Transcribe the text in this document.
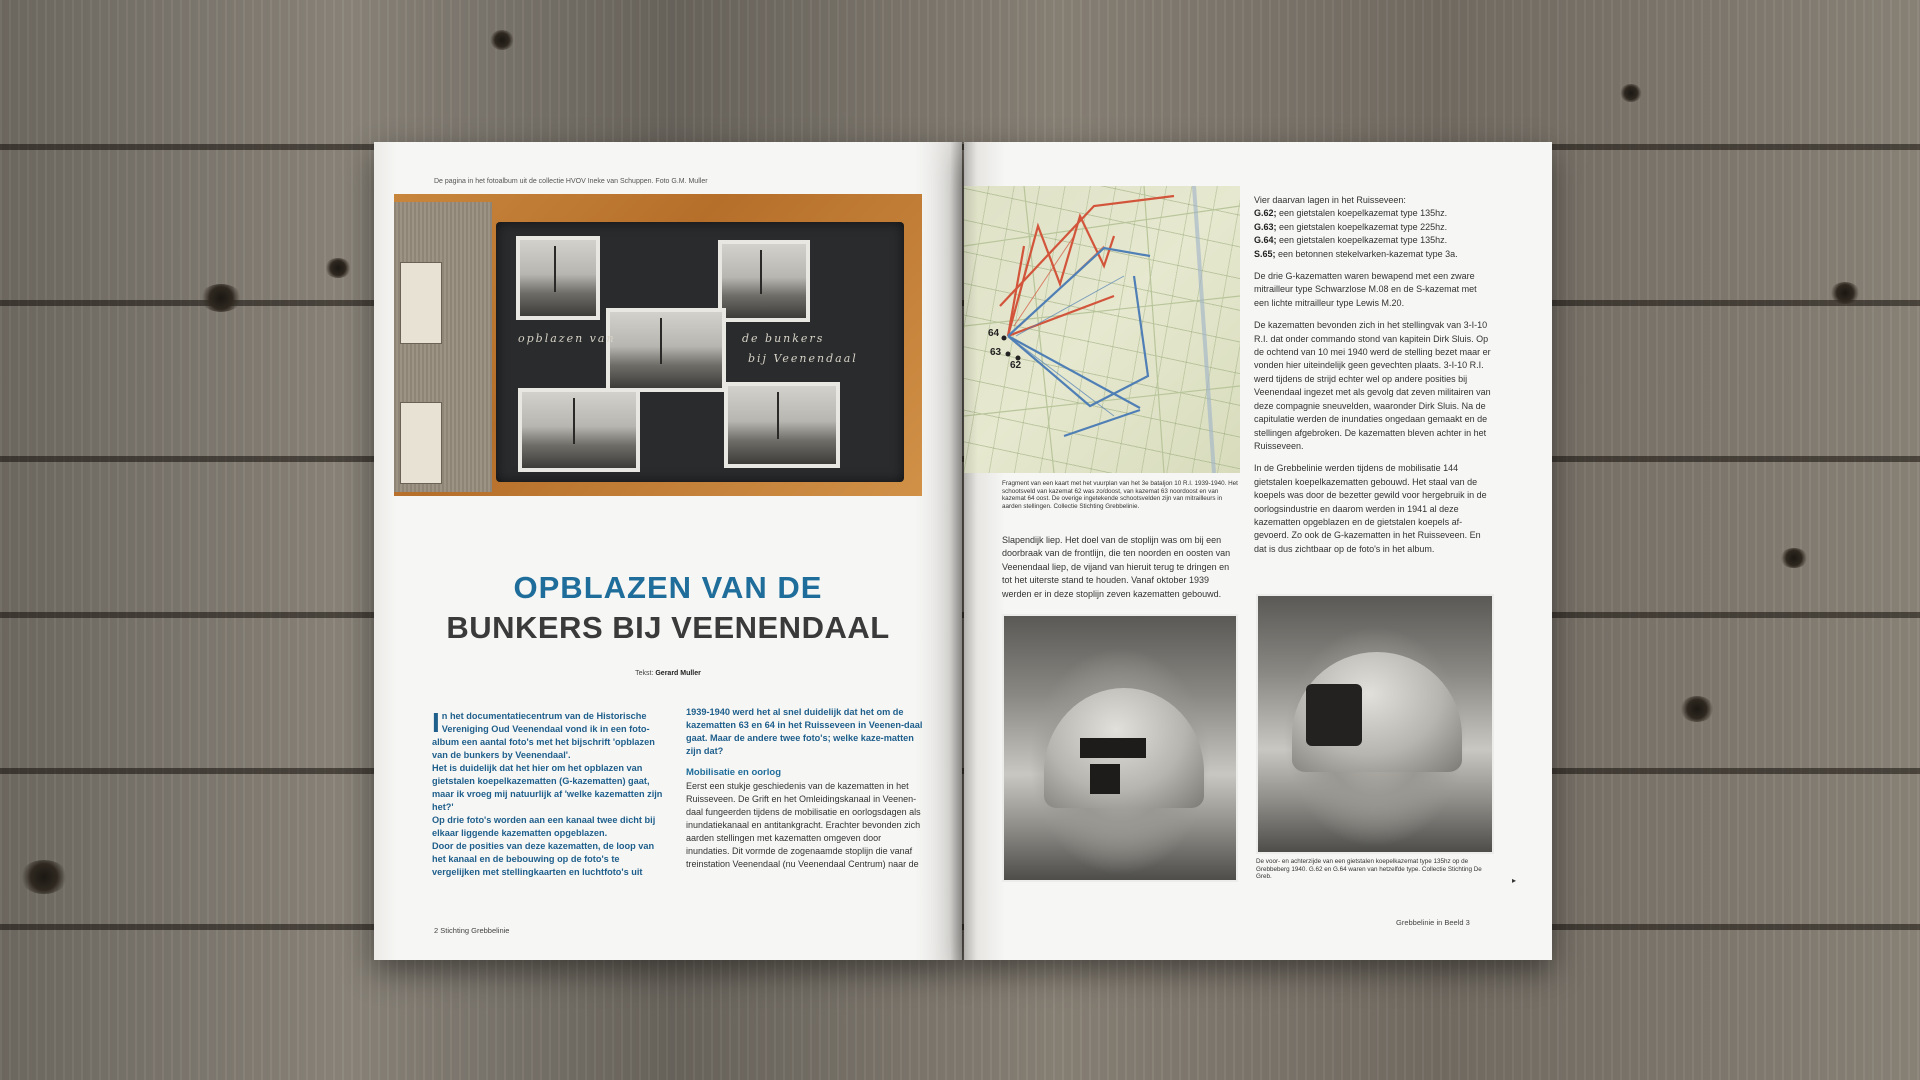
De pagina in het fotoalbum uit de collectie HVOV Ineke van Schuppen. Foto G.M. Muller
opblazen van	de bunkers
bij Veenendaal
OPBLAZEN VAN DE
BUNKERS BIJ VEENENDAAL
Tekst: Gerard Muller
I n het documentatiecentrum van de Historische Vereniging Oud Veenendaal vond ik in een foto-album een aantal foto's met het bijschrift 'opblazen van de bunkers by Veenendaal'.

Het is duidelijk dat het hier om het opblazen van gietstalen koepelkazematten (G-kazematten) gaat, maar ik vroeg mij natuurlijk af 'welke kazematten zijn het?'

Op drie foto's worden aan een kanaal twee dicht bij elkaar liggende kazematten opgeblazen.

Door de posities van deze kazematten, de loop van het kanaal en de bebouwing op de foto's te vergelijken met stellingkaarten en luchtfoto's uit

1939-1940 werd het al snel duidelijk dat het om de kazematten 63 en 64 in het Ruisseveen in Veenen-daal gaat. Maar de andere twee foto's; welke kaze-matten zijn dat?
Mobilisatie en oorlog
Eerst een stukje geschiedenis van de kazematten in het Ruisseveen. De Grift en het Omleidingskanaal in Veenen-daal fungeerden tijdens de mobilisatie en oorlogsdagen als inundatiekanaal en antitankgracht. Erachter bevonden zich aarden stellingen met kazematten omgeven door inundaties. Dit vormde de zogenaamde stoplijn die vanaf treinstation Veenendaal (nu Veenendaal Centrum) naar de
2 Stichting Grebbelinie
64
63
62
Fragment van een kaart met het vuurplan van het 3e bataljon 10 R.I. 1939-1940. Het schootsveld van kazemat 62 was zo/doost, van kazemat 63 noordoost en van kazemat 64 oost. De overige ingetekende schootsvelden zijn van mitrailleurs in aarden stellingen. Collectie Stichting Grebbelinie.
Slapendijk liep. Het doel van de stoplijn was om bij een doorbraak van de frontlijn, die ten noorden en oosten van Veenendaal liep, de vijand van hieruit terug te dringen en tot het uiterste stand te houden. Vanaf oktober 1939 werden er in deze stoplijn zeven kazematten gebouwd.

Vier daarvan lagen in het Ruisseveen:

G.62; een gietstalen koepelkazemat type 135hz.
G.63; een gietstalen koepelkazemat type 225hz.
G.64; een gietstalen koepelkazemat type 135hz.
S.65; een betonnen stekelvarken-kazemat type 3a.

De drie G-kazematten waren bewapend met een zware mitrailleur type Schwarzlose M.08 en de S-kazemat met een lichte mitrailleur type Lewis M.20.

De kazematten bevonden zich in het stellingvak van 3-I-10 R.I. dat onder commando stond van kapitein Dirk Sluis. Op de ochtend van 10 mei 1940 werd de stelling bezet maar er vonden hier uiteindelijk geen gevechten plaats. 3-I-10 R.I. werd tijdens de strijd echter wel op andere posities bij Veenendaal ingezet met als gevolg dat zeven militairen van deze compagnie sneuvelden, waaronder Dirk Sluis. Na de capitulatie werden de inundaties ongedaan gemaakt en de stellingen afgebroken. De kazematten bleven achter in het Ruisseveen.

In de Grebbelinie werden tijdens de mobilisatie 144 gietstalen koepelkazematten gebouwd. Het staal van de koepels was door de bezetter gewild voor hergebruik in de oorlogsindustrie en daarom werden in 1941 al deze kazematten opgeblazen en de gietstalen koepels af-gevoerd. Zo ook de G-kazematten in het Ruisseveen. En dat is dus zichtbaar op de foto's in het album.

De voor- en achterzijde van een gietstalen koepelkazemat type 135hz op de Grebbeberg 1940. G.62 en G.64 waren van hetzelfde type. Collectie Stichting De Greb.	▸
Grebbelinie in Beeld 3
